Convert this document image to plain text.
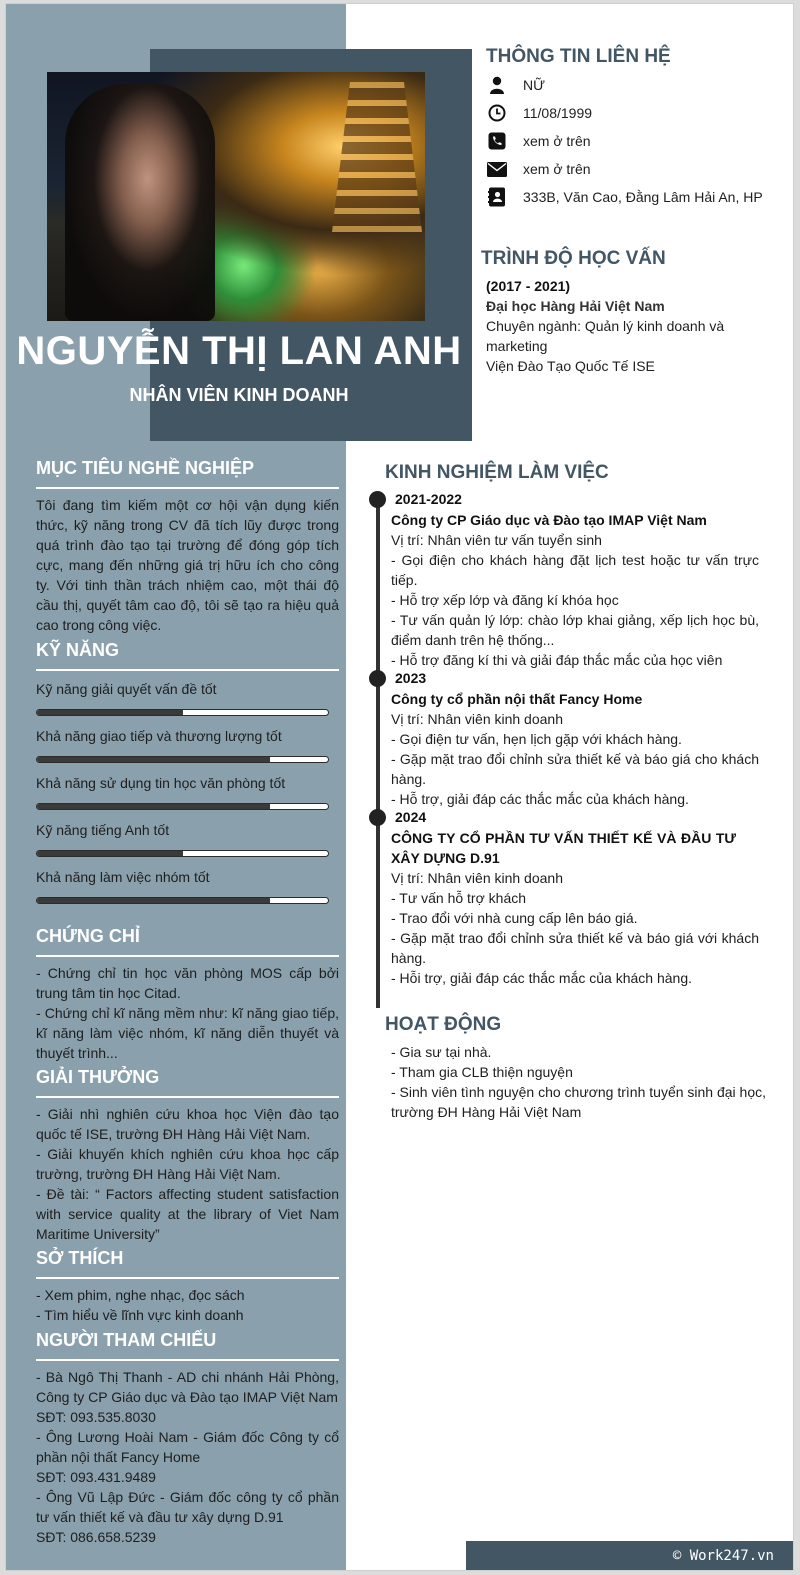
NGUYỄN THỊ LAN ANH
NHÂN VIÊN KINH DOANH
MỤC TIÊU NGHỀ NGHIỆP
Tôi đang tìm kiếm một cơ hội vận dụng kiến thức, kỹ năng trong CV đã tích lũy được trong quá trình đào tạo tại trường để đóng góp tích cực, mang đến những giá trị hữu ích cho công ty. Với tinh thần trách nhiệm cao, một thái độ cầu thị, quyết tâm cao độ, tôi sẽ tạo ra hiệu quả cao trong công việc.
KỸ NĂNG
Kỹ năng giải quyết vấn đề tốt
Khả năng giao tiếp và thương lượng tốt
Khả năng sử dụng tin học văn phòng tốt
Kỹ năng tiếng Anh tốt
Khả năng làm việc nhóm tốt
CHỨNG CHỈ

- Chứng chỉ tin học văn phòng MOS cấp bởi trung tâm tin học Citad.

- Chứng chỉ kĩ năng mềm như: kĩ năng giao tiếp, kĩ năng làm việc nhóm, kĩ năng diễn thuyết và thuyết trình...

GIẢI THƯỞNG

- Giải nhì nghiên cứu khoa học Viện đào tạo quốc tế ISE, trường ĐH Hàng Hải Việt Nam.

- Giải khuyến khích nghiên cứu khoa học cấp trường, trường ĐH Hàng Hải Việt Nam.

- Đề tài: “ Factors affecting student satisfaction with service quality at the library of Viet Nam Maritime University”

SỞ THÍCH

- Xem phim, nghe nhạc, đọc sách

- Tìm hiểu về lĩnh vực kinh doanh

NGƯỜI THAM CHIẾU

- Bà Ngô Thị Thanh - AD chi nhánh Hải Phòng, Công ty CP Giáo dục và Đào tạo IMAP Việt Nam

SĐT: 093.535.8030

- Ông Lương Hoài Nam - Giám đốc Công ty cổ phần nội thất Fancy Home

SĐT: 093.431.9489

- Ông Vũ Lập Đức - Giám đốc công ty cổ phần tư vấn thiết kế và đầu tư xây dựng D.91

SĐT: 086.658.5239

THÔNG TIN LIÊN HỆ
NỮ
11/08/1999
xem ở trên
xem ở trên
333B, Văn Cao, Đằng Lâm Hải An, HP
TRÌNH ĐỘ HỌC VẤN
(2017 - 2021)
Đại học Hàng Hải Việt Nam
Chuyên ngành: Quản lý kinh doanh và marketing
Viện Đào Tạo Quốc Tế ISE
KINH NGHIỆM LÀM VIỆC
2021-2022
Công ty CP Giáo dục và Đào tạo IMAP Việt Nam
Vị trí: Nhân viên tư vấn tuyển sinh
- Gọi điện cho khách hàng đặt lịch test hoặc tư vấn trực tiếp.
- Hỗ trợ xếp lớp và đăng kí khóa học
- Tư vấn quản lý lớp: chào lớp khai giảng, xếp lịch học bù, điểm danh trên hệ thống...
- Hỗ trợ đăng kí thi và giải đáp thắc mắc của học viên
2023
Công ty cổ phần nội thất Fancy Home
Vị trí: Nhân viên kinh doanh
- Gọi điện tư vấn, hẹn lịch gặp với khách hàng.
- Gặp mặt trao đổi chỉnh sửa thiết kế và báo giá cho khách hàng.
- Hỗ trợ, giải đáp các thắc mắc của khách hàng.
2024
CÔNG TY CỔ PHẦN TƯ VẤN THIẾT KẾ VÀ ĐẦU TƯ XÂY DỰNG D.91
Vị trí: Nhân viên kinh doanh
- Tư vấn hỗ trợ khách
- Trao đổi với nhà cung cấp lên báo giá.
- Gặp mặt trao đổi chỉnh sửa thiết kế và báo giá với khách hàng.
- Hỗi trợ, giải đáp các thắc mắc của khách hàng.
HOẠT ĐỘNG
- Gia sư tại nhà.
- Tham gia CLB thiện nguyện
- Sinh viên tình nguyện cho chương trình tuyển sinh đại học, trường ĐH Hàng Hải Việt Nam
© Work247.vn
